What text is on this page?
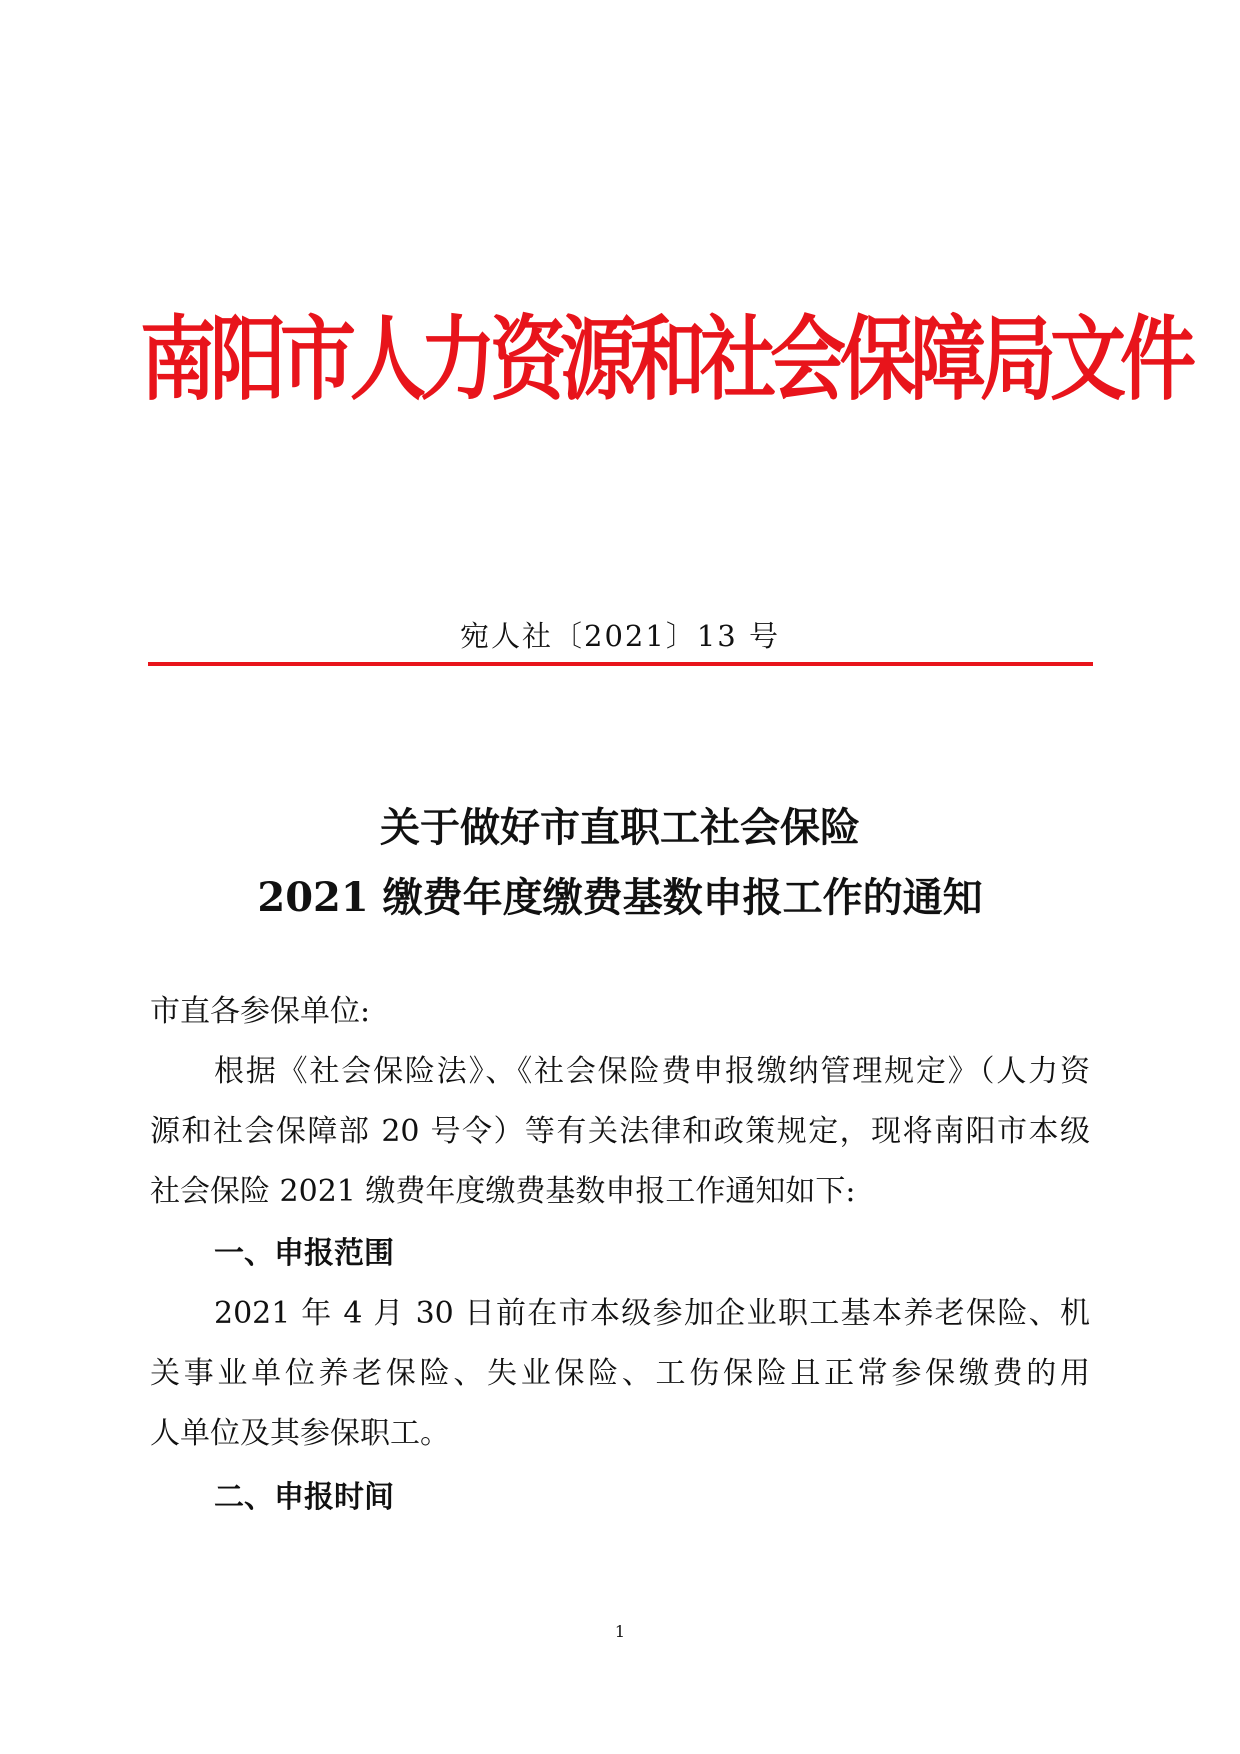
南阳市人力资源和社会保障局文件
宛人社〔2021〕13 号
关于做好市直职工社会保险
2021 缴费年度缴费基数申报工作的通知
市直各参保单位:
根据《社会保险法》、《社会保险费申报缴纳管理规定》（人力资
源和社会保障部 20 号令）等有关法律和政策规定，现将南阳市本级
社会保险 2021 缴费年度缴费基数申报工作通知如下:
一、申报范围
2021 年 4 月 30 日前在市本级参加企业职工基本养老保险、机
关事业单位养老保险、失业保险、工伤保险且正常参保缴费的用
人单位及其参保职工。
二、申报时间
1
